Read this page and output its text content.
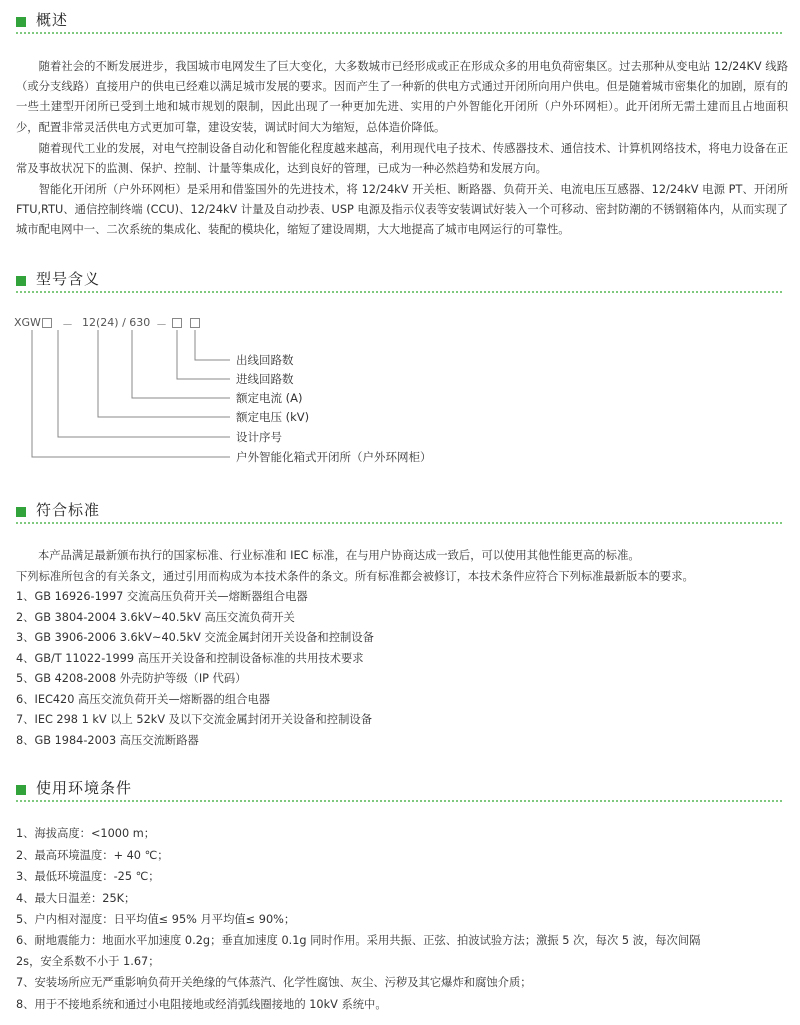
概述

随着社会的不断发展进步，我国城市电网发生了巨大变化，大多数城市已经形成或正在形成众多的用电负荷密集区。过去那种从变电站 12/24KV 线路（或分支线路）直接用户的供电已经难以满足城市发展的要求。因而产生了一种新的供电方式通过开闭所向用户供电。但是随着城市密集化的加剧，原有的一些土建型开闭所已受到土地和城市规划的限制，因此出现了一种更加先进、实用的户外智能化开闭所（户外环网柜）。此开闭所无需土建而且占地面积少，配置非常灵活供电方式更加可靠，建设安装，调试时间大为缩短，总体造价降低。

随着现代工业的发展，对电气控制设备自动化和智能化程度越来越高，利用现代电子技术、传感器技术、通信技术、计算机网络技术，将电力设备在正常及事故状况下的监测、保护、控制、计量等集成化，达到良好的管理，已成为一种必然趋势和发展方向。

智能化开闭所（户外环网柜）是采用和借鉴国外的先进技术，将 12/24kV 开关柜、断路器、负荷开关、电流电压互感器、12/24kV 电源 PT、开闭所 FTU,RTU、通信控制终端 (CCU)、12/24kV 计量及自动抄表、USP 电源及指示仪表等安装调试好装入一个可移动、密封防潮的不锈钢箱体内，从而实现了城市配电网中一、二次系统的集成化、装配的模块化，缩短了建设周期，大大地提高了城市电网运行的可靠性。

型号含义
XGW － 12(24) / 630 －
出线回路数
进线回路数
额定电流 (A)
额定电压 (kV)
设计序号
户外智能化箱式开闭所（户外环网柜）
符合标准

本产品满足最新颁布执行的国家标准、行业标准和 IEC 标准，在与用户协商达成一致后，可以使用其他性能更高的标准。

下列标准所包含的有关条文，通过引用而构成为本技术条件的条文。所有标准都会被修订，本技术条件应符合下列标准最新版本的要求。

1、GB 16926-1997 交流高压负荷开关—熔断器组合电器

2、GB 3804-2004 3.6kV~40.5kV 高压交流负荷开关

3、GB 3906-2006 3.6kV~40.5kV 交流金属封闭开关设备和控制设备

4、GB/T 11022-1999 高压开关设备和控制设备标准的共用技术要求

5、GB 4208-2008 外壳防护等级（IP 代码）

6、IEC420 高压交流负荷开关—熔断器的组合电器

7、IEC 298 1 kV 以上 52kV 及以下交流金属封闭开关设备和控制设备

8、GB 1984-2003 高压交流断路器

使用环境条件

1、海拔高度：<1000 m；

2、最高环境温度：+ 40 ℃；

3、最低环境温度：-25 ℃；

4、最大日温差：25K；

5、户内相对湿度：日平均值≤ 95% 月平均值≤ 90%；

6、耐地震能力：地面水平加速度 0.2g；垂直加速度 0.1g 同时作用。采用共振、正弦、拍波试验方法；激振 5 次，每次 5 波，每次间隔

2s，安全系数不小于 1.67；

7、安装场所应无严重影响负荷开关绝缘的气体蒸汽、化学性腐蚀、灰尘、污秽及其它爆炸和腐蚀介质；

8、用于不接地系统和通过小电阻接地或经消弧线圈接地的 10kV 系统中。
